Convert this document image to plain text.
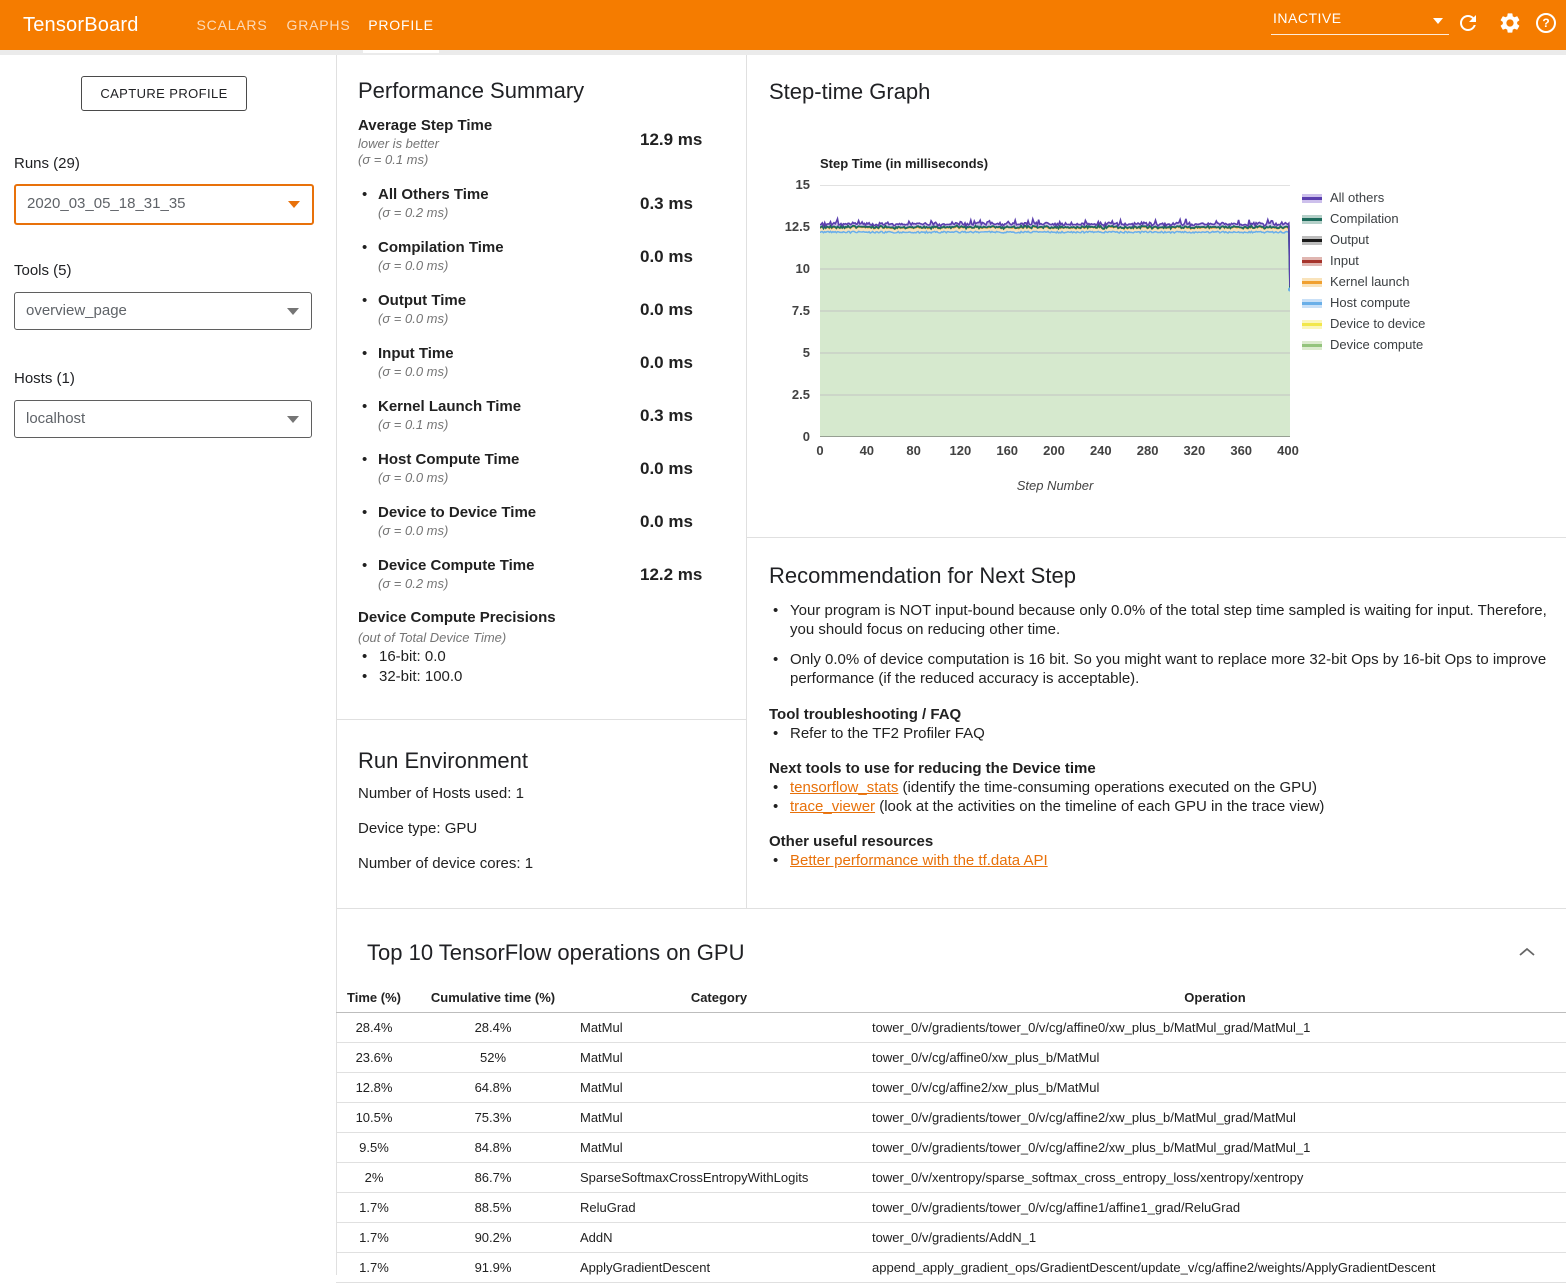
TensorBoard	SCALARS	GRAPHS	PROFILE	INACTIVE	?
CAPTURE PROFILE
Runs (29)
2020_03_05_18_31_35
Tools (5)
overview_page
Hosts (1)
localhost
Performance Summary
Average Step Time

lower is better
(σ = 0.1 ms)
12.9 ms
• All Others Time
(σ = 0.2 ms)	0.3 ms
• Compilation Time
(σ = 0.0 ms)	0.0 ms
• Output Time
(σ = 0.0 ms)	0.0 ms
• Input Time
(σ = 0.0 ms)	0.0 ms
• Kernel Launch Time
(σ = 0.1 ms)	0.3 ms
• Host Compute Time
(σ = 0.0 ms)	0.0 ms
• Device to Device Time
(σ = 0.0 ms)	0.0 ms
• Device Compute Time
(σ = 0.2 ms)	12.2 ms
Device Compute Precisions
(out of Total Device Time)
• 16-bit: 0.0
• 32-bit: 100.0
Run Environment
Number of Hosts used: 1
Device type: GPU
Number of device cores: 1
Step-time Graph
Step Time (in milliseconds)
0
2.5
5
7.5
10
12.5
15
0	40 80 120 160 200 240 280 320 360 400
Step Number
All others
Compilation
Output
Input
Kernel launch
Host compute
Device to device
Device compute
Recommendation for Next Step
• Your program is NOT input-bound because only 0.0% of the total step time sampled is waiting for input. Therefore, you should focus on reducing other time.
• Only 0.0% of device computation is 16 bit. So you might want to replace more 32-bit Ops by 16-bit Ops to improve performance (if the reduced accuracy is acceptable).
Tool troubleshooting / FAQ
• Refer to the TF2 Profiler FAQ
Next tools to use for reducing the Device time
• tensorflow_stats (identify the time-consuming operations executed on the GPU)
• trace_viewer (look at the activities on the timeline of each GPU in the trace view)
Other useful resources
• Better performance with the tf.data API
Top 10 TensorFlow operations on GPU
Time (%)	Cumulative time (%)	Category	Operation
28.4%	28.4%	MatMul	tower_0/v/gradients/tower_0/v/cg/affine0/xw_plus_b/MatMul_grad/MatMul_1
23.6%	52%	MatMul	tower_0/v/cg/affine0/xw_plus_b/MatMul
12.8%	64.8%	MatMul	tower_0/v/cg/affine2/xw_plus_b/MatMul
10.5%	75.3%	MatMul	tower_0/v/gradients/tower_0/v/cg/affine2/xw_plus_b/MatMul_grad/MatMul
9.5%	84.8%	MatMul	tower_0/v/gradients/tower_0/v/cg/affine2/xw_plus_b/MatMul_grad/MatMul_1
2%	86.7%	SparseSoftmaxCrossEntropyWithLogits	tower_0/v/xentropy/sparse_softmax_cross_entropy_loss/xentropy/xentropy
1.7%	88.5%	ReluGrad	tower_0/v/gradients/tower_0/v/cg/affine1/affine1_grad/ReluGrad
1.7%	90.2%	AddN	tower_0/v/gradients/AddN_1
1.7%	91.9%	ApplyGradientDescent	append_apply_gradient_ops/GradientDescent/update_v/cg/affine2/weights/ApplyGradientDescent
